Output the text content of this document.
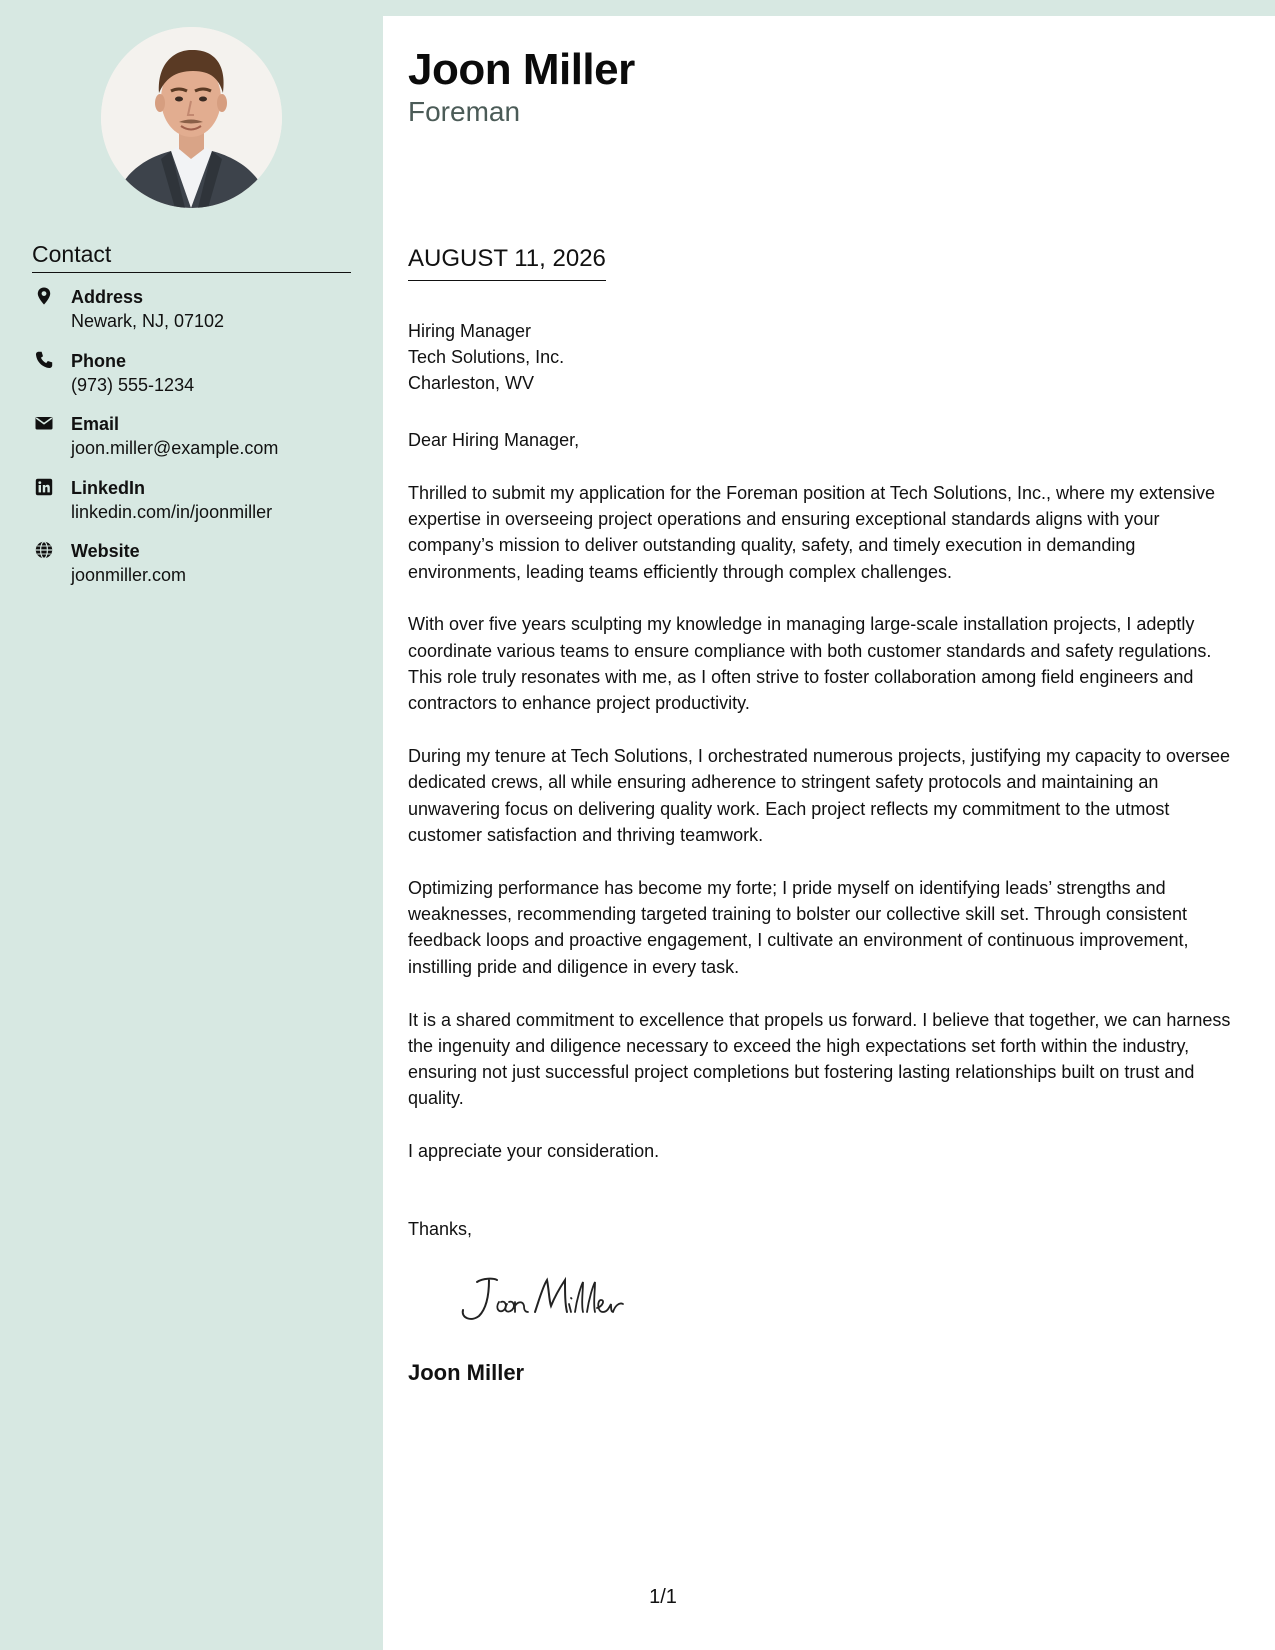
Contact
Address
Newark, NJ, 07102
Phone
(973) 555-1234
Email
joon.miller@example.com
LinkedIn
linkedin.com/in/joonmiller
Website
joonmiller.com
Joon Miller
Foreman
AUGUST 11, 2026
Hiring Manager
Tech Solutions, Inc.
Charleston, WV

Dear Hiring Manager,

Thrilled to submit my application for the Foreman position at Tech Solutions, Inc., where my extensive expertise in overseeing project operations and ensuring exceptional standards aligns with your company’s mission to deliver outstanding quality, safety, and timely execution in demanding environments, leading teams efficiently through complex challenges.

With over five years sculpting my knowledge in managing large-scale installation projects, I adeptly coordinate various teams to ensure compliance with both customer standards and safety regulations. This role truly resonates with me, as I often strive to foster collaboration among field engineers and contractors to enhance project productivity.

During my tenure at Tech Solutions, I orchestrated numerous projects, justifying my capacity to oversee dedicated crews, all while ensuring adherence to stringent safety protocols and maintaining an unwavering focus on delivering quality work. Each project reflects my commitment to the utmost customer satisfaction and thriving teamwork.

Optimizing performance has become my forte; I pride myself on identifying leads’ strengths and weaknesses, recommending targeted training to bolster our collective skill set. Through consistent feedback loops and proactive engagement, I cultivate an environment of continuous improvement, instilling pride and diligence in every task.

It is a shared commitment to excellence that propels us forward. I believe that together, we can harness the ingenuity and diligence necessary to exceed the high expectations set forth within the industry, ensuring not just successful project completions but fostering lasting relationships built on trust and quality.

I appreciate your consideration.

Thanks,
Joon Miller
1/1
